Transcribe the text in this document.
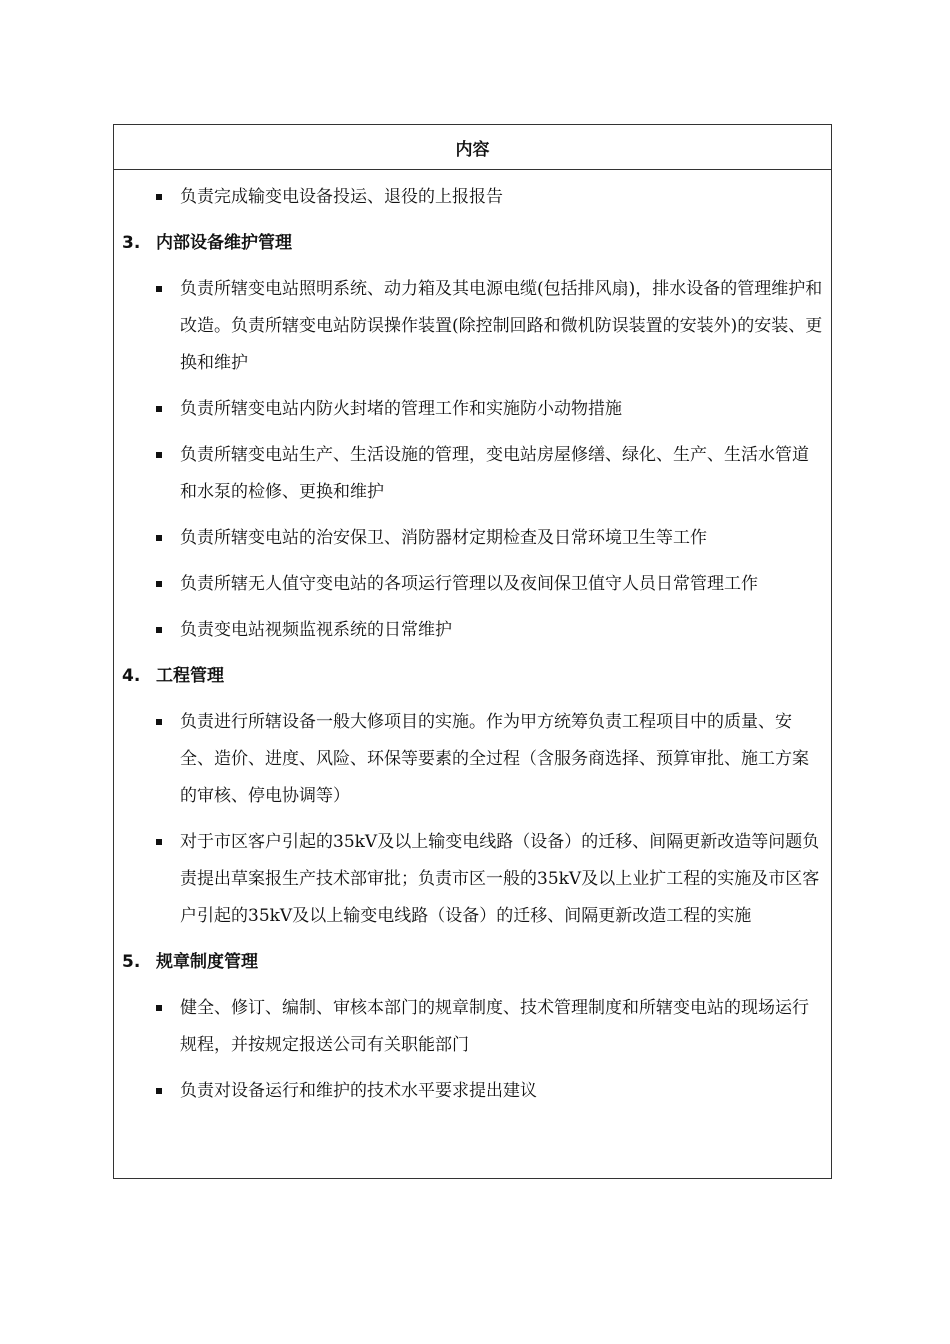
内容
负责完成输变电设备投运、退役的上报报告
3. 内部设备维护管理
负责所辖变电站照明系统、动力箱及其电源电缆(包括排风扇)，排水设备的管理维护和改造。负责所辖变电站防误操作装置(除控制回路和微机防误装置的安装外)的安装、更换和维护
负责所辖变电站内防火封堵的管理工作和实施防小动物措施
负责所辖变电站生产、生活设施的管理，变电站房屋修缮、绿化、生产、生活水管道和水泵的检修、更换和维护
负责所辖变电站的治安保卫、消防器材定期检查及日常环境卫生等工作
负责所辖无人值守变电站的各项运行管理以及夜间保卫值守人员日常管理工作
负责变电站视频监视系统的日常维护
4. 工程管理
负责进行所辖设备一般大修项目的实施。作为甲方统筹负责工程项目中的质量、安全、造价、进度、风险、环保等要素的全过程（含服务商选择、预算审批、施工方案的审核、停电协调等）
对于市区客户引起的35kV及以上输变电线路（设备）的迁移、间隔更新改造等问题负责提出草案报生产技术部审批；负责市区一般的35kV及以上业扩工程的实施及市区客户引起的35kV及以上输变电线路（设备）的迁移、间隔更新改造工程的实施
5. 规章制度管理
健全、修订、编制、审核本部门的规章制度、技术管理制度和所辖变电站的现场运行规程，并按规定报送公司有关职能部门
负责对设备运行和维护的技术水平要求提出建议
